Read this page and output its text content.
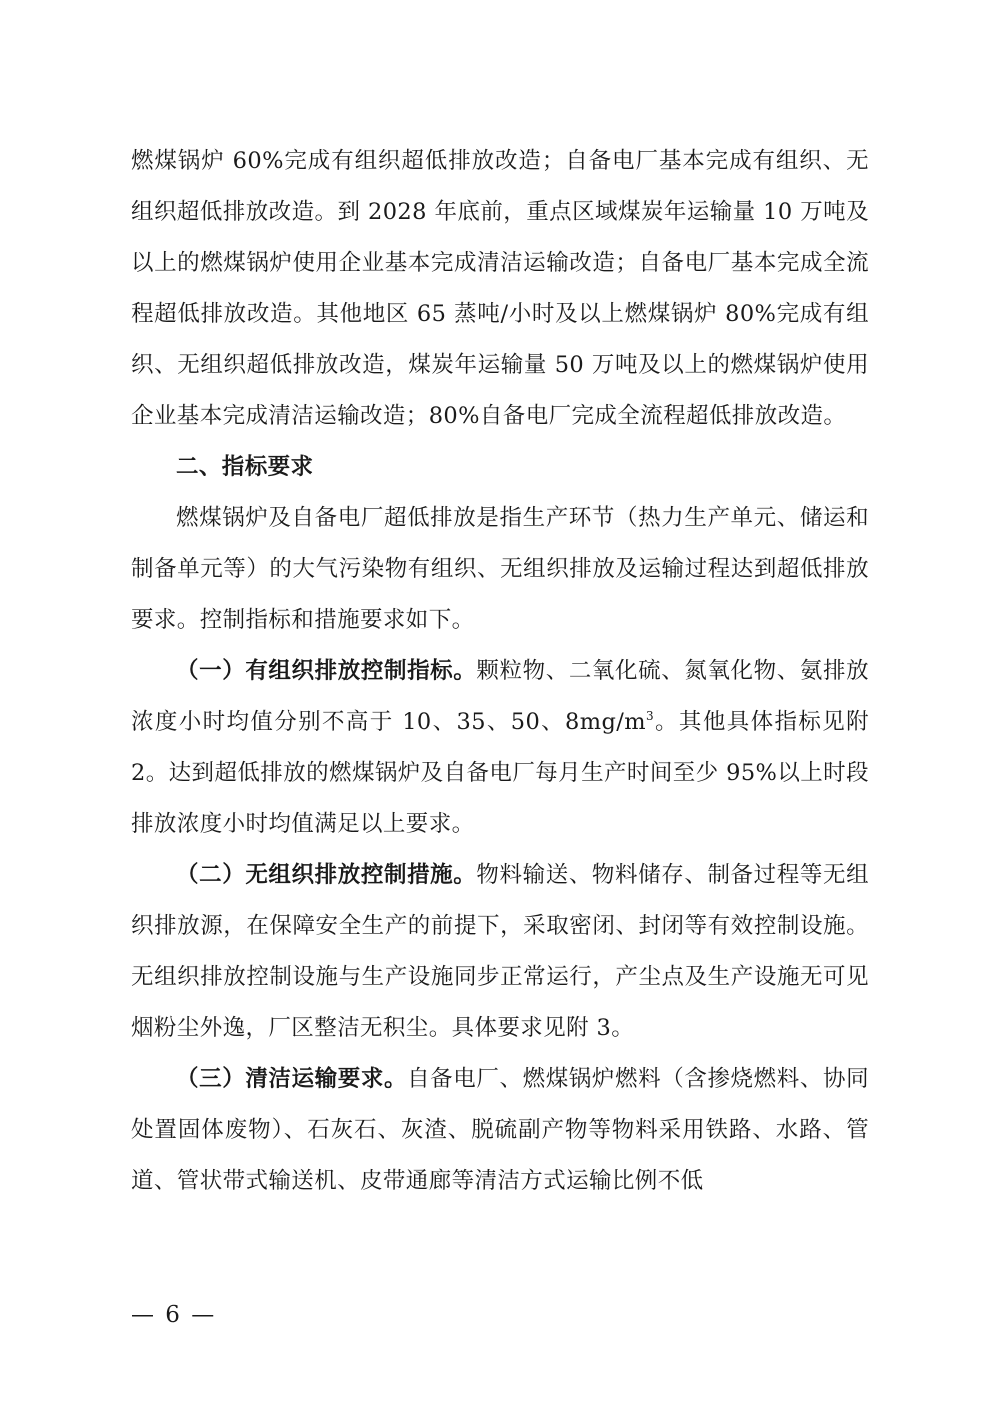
燃煤锅炉 60%完成有组织超低排放改造；自备电厂基本完成有组织、无组织超低排放改造。到 2028 年底前，重点区域煤炭年运输量 10 万吨及以上的燃煤锅炉使用企业基本完成清洁运输改造；自备电厂基本完成全流程超低排放改造。其他地区 65 蒸吨/小时及以上燃煤锅炉 80%完成有组织、无组织超低排放改造，煤炭年运输量 50 万吨及以上的燃煤锅炉使用企业基本完成清洁运输改造；80%自备电厂完成全流程超低排放改造。

二、指标要求

燃煤锅炉及自备电厂超低排放是指生产环节（热力生产单元、储运和制备单元等）的大气污染物有组织、无组织排放及运输过程达到超低排放要求。控制指标和措施要求如下。

（一）有组织排放控制指标。颗粒物、二氧化硫、氮氧化物、氨排放浓度小时均值分别不高于 10、35、50、$8mg/m^3$。其他具体指标见附 2。达到超低排放的燃煤锅炉及自备电厂每月生产时间至少 95%以上时段排放浓度小时均值满足以上要求。

（二）无组织排放控制措施。物料输送、物料储存、制备过程等无组织排放源，在保障安全生产的前提下，采取密闭、封闭等有效控制设施。无组织排放控制设施与生产设施同步正常运行，产尘点及生产设施无可见烟粉尘外逸，厂区整洁无积尘。具体要求见附 3。

（三）清洁运输要求。自备电厂、燃煤锅炉燃料（含掺烧燃料、协同处置固体废物）、石灰石、灰渣、脱硫副产物等物料采用铁路、水路、管道、管状带式输送机、皮带通廊等清洁方式运输比例不低

— 6 —
